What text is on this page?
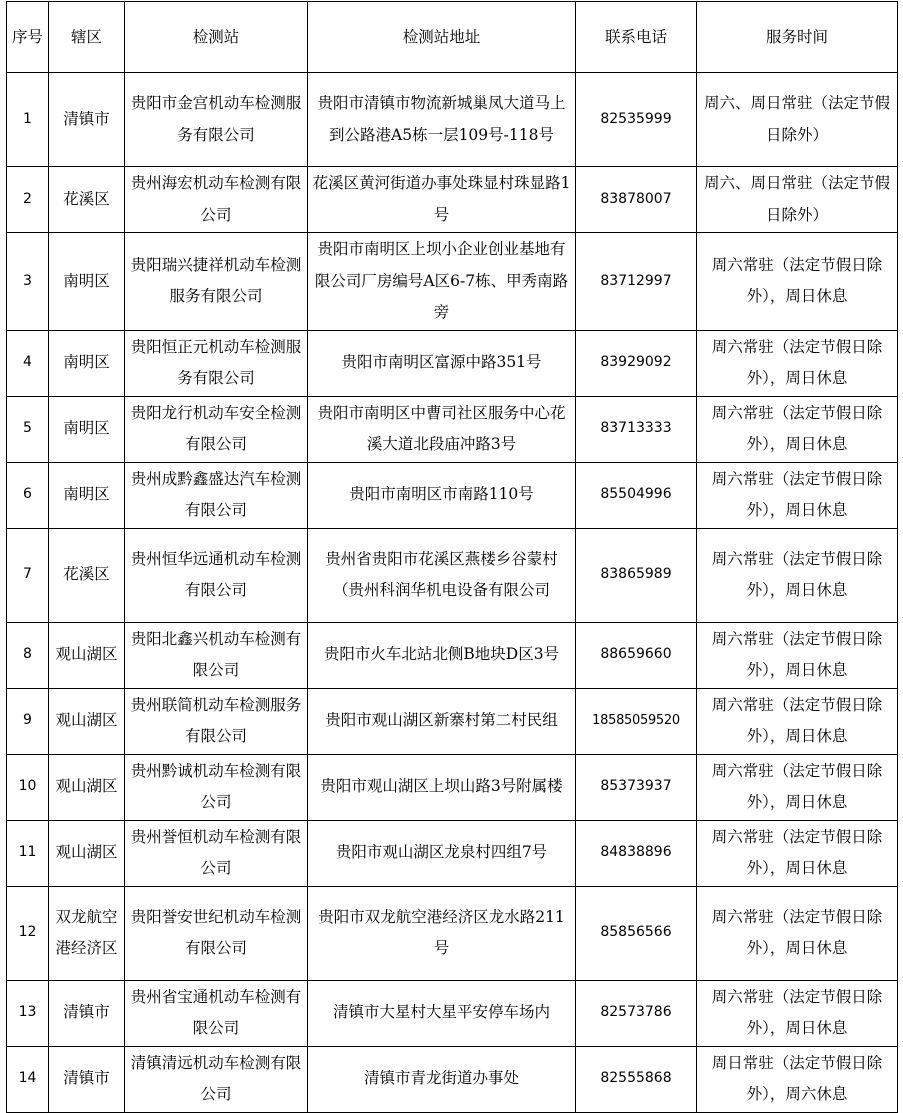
序号	辖区	检测站	检测站地址	联系电话	服务时间
1	清镇市	贵阳市金宫机动车检测服务有限公司	贵阳市清镇市物流新城巢凤大道马上到公路港A5栋一层109号-118号	82535999	周六、周日常驻（法定节假日除外）
2	花溪区	贵州海宏机动车检测有限公司	花溪区黄河街道办事处珠显村珠显路1号	83878007	周六、周日常驻（法定节假日除外）
3	南明区	贵阳瑞兴捷祥机动车检测服务有限公司	贵阳市南明区上坝小企业创业基地有限公司厂房编号A区6-7栋、甲秀南路旁	83712997	周六常驻（法定节假日除外），周日休息
4	南明区	贵阳恒正元机动车检测服务有限公司	贵阳市南明区富源中路351号	83929092	周六常驻（法定节假日除外），周日休息
5	南明区	贵阳龙行机动车安全检测有限公司	贵阳市南明区中曹司社区服务中心花溪大道北段庙冲路3号	83713333	周六常驻（法定节假日除外），周日休息
6	南明区	贵州成黔鑫盛达汽车检测有限公司	贵阳市南明区市南路110号	85504996	周六常驻（法定节假日除外），周日休息
7	花溪区	贵州恒华远通机动车检测有限公司	贵州省贵阳市花溪区燕楼乡谷蒙村（贵州科润华机电设备有限公司	83865989	周六常驻（法定节假日除外），周日休息
8	观山湖区	贵阳北鑫兴机动车检测有限公司	贵阳市火车北站北侧B地块D区3号	88659660	周六常驻（法定节假日除外），周日休息
9	观山湖区	贵州联简机动车检测服务有限公司	贵阳市观山湖区新寨村第二村民组	18585059520	周六常驻（法定节假日除外），周日休息
10	观山湖区	贵州黔诚机动车检测有限公司	贵阳市观山湖区上坝山路3号附属楼	85373937	周六常驻（法定节假日除外），周日休息
11	观山湖区	贵州誉恒机动车检测有限公司	贵阳市观山湖区龙泉村四组7号	84838896	周六常驻（法定节假日除外），周日休息
12	双龙航空港经济区	贵阳誉安世纪机动车检测有限公司	贵阳市双龙航空港经济区龙水路211号	85856566	周六常驻（法定节假日除外），周日休息
13	清镇市	贵州省宝通机动车检测有限公司	清镇市大星村大星平安停车场内	82573786	周六常驻（法定节假日除外），周日休息
14	清镇市	清镇清远机动车检测有限公司	清镇市青龙街道办事处	82555868	周日常驻（法定节假日除外），周六休息
